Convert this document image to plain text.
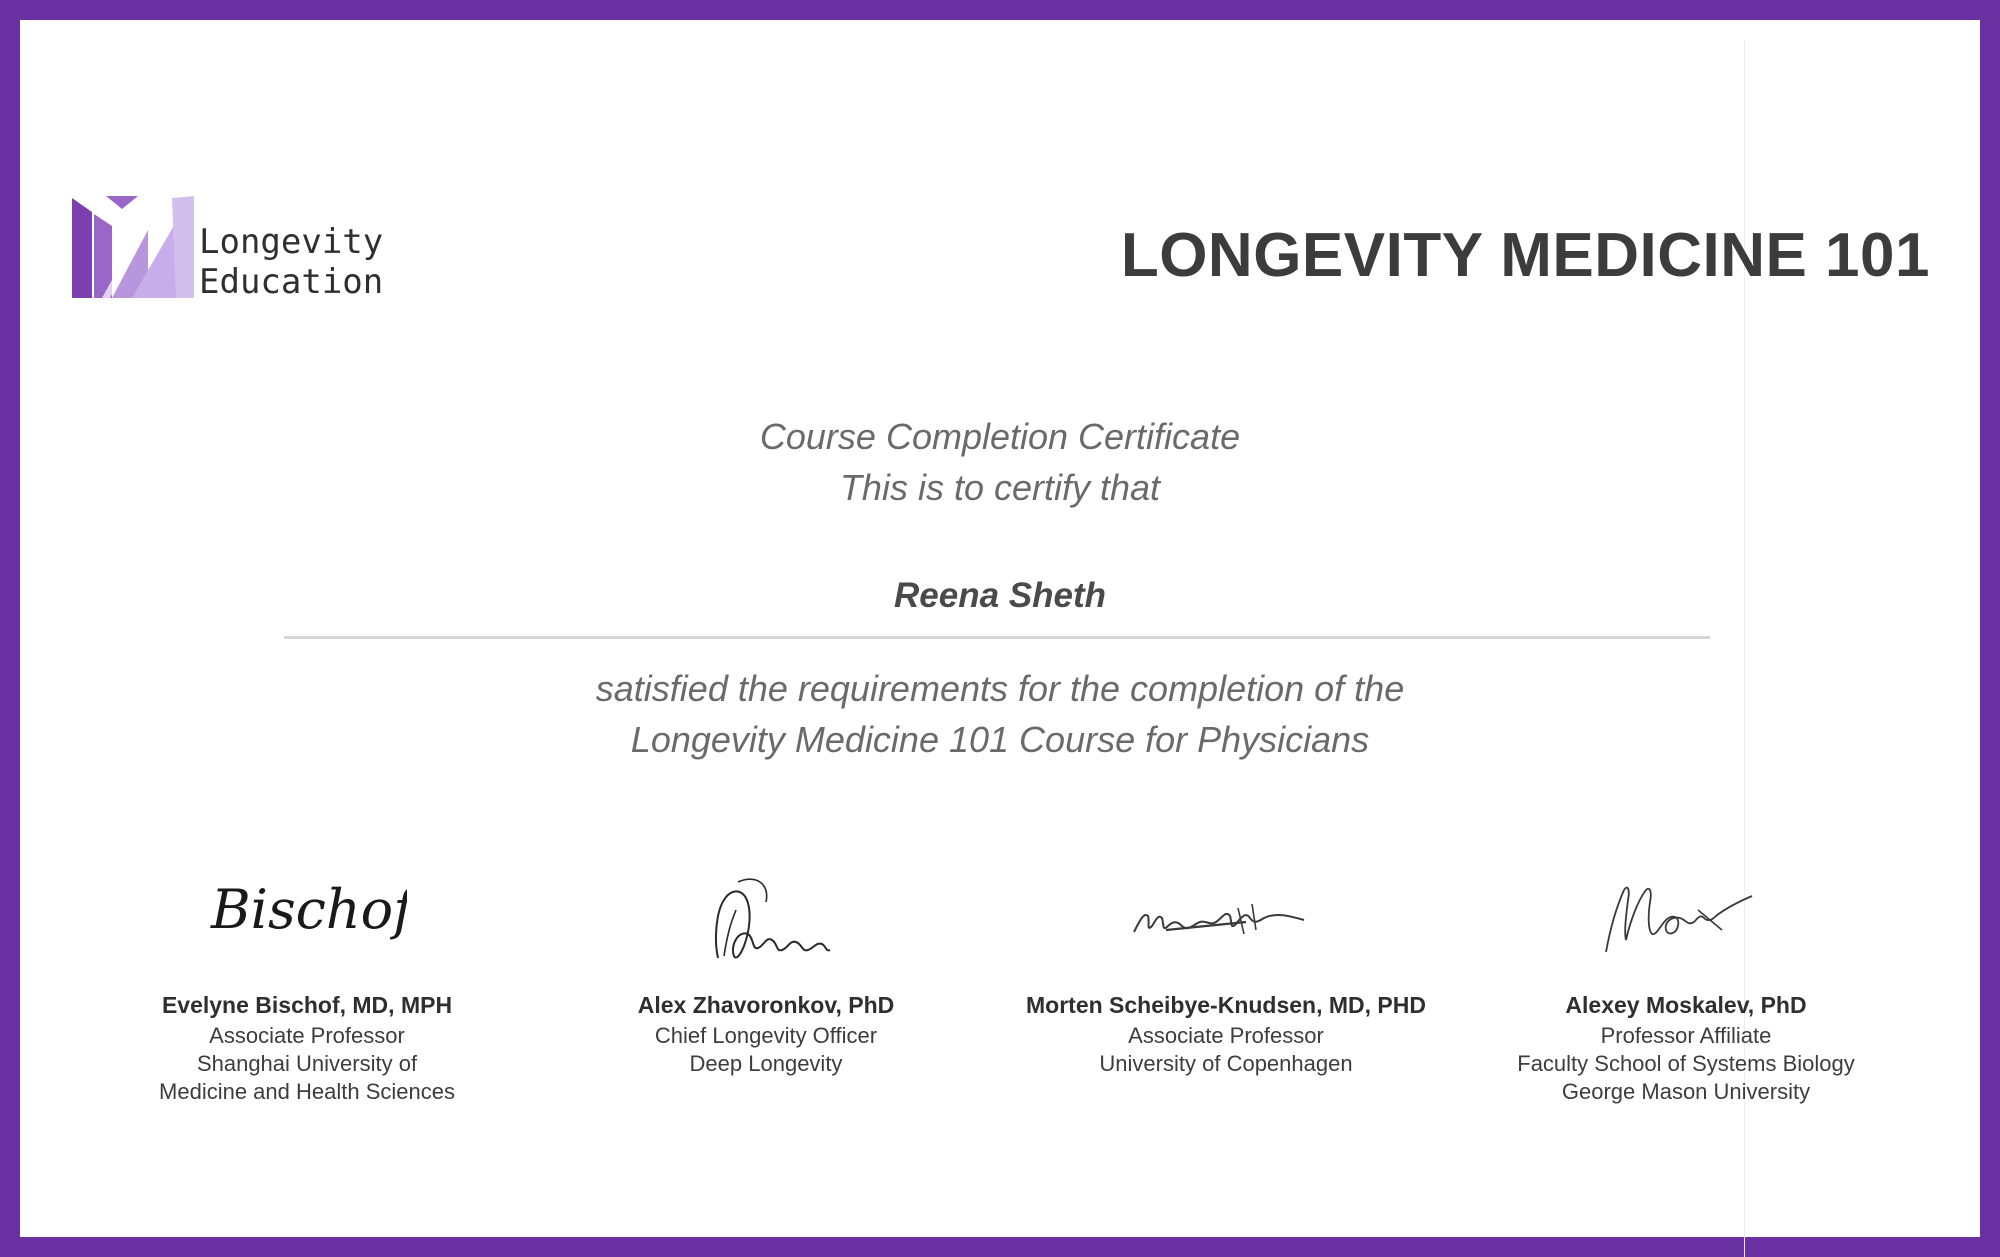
Longevity
Education	LONGEVITY MEDICINE 101
Course Completion Certificate
This is to certify that
Reena Sheth
satisfied the requirements for the completion of the
Longevity Medicine 101 Course for Physicians
Bischof
Evelyne Bischof, MD, MPH
Associate Professor
Shanghai University of
Medicine and Health Sciences
Alex Zhavoronkov, PhD
Chief Longevity Officer
Deep Longevity
Morten Scheibye-Knudsen, MD, PHD
Associate Professor
University of Copenhagen
Alexey Moskalev, PhD
Professor Affiliate
Faculty School of Systems Biology
George Mason University
